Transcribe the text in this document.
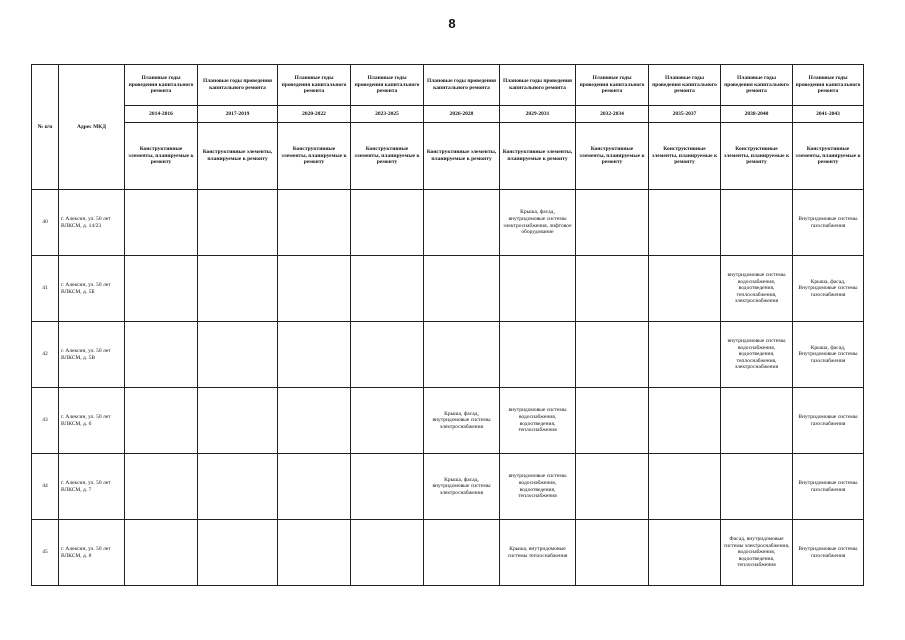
8
№ п/п	Адрес МКД	Плановые годы проведения капитального ремонта	Плановые годы проведения капитального ремонта	Плановые годы проведения капитального ремонта	Плановые годы проведения капитального ремонта	Плановые годы проведения капитального ремонта	Плановые годы проведения капитального ремонта	Плановые годы проведения капитального ремонта	Плановые годы проведения капитального ремонта	Плановые годы проведения капитального ремонта	Плановые годы проведения капитального ремонта
		2014-2016	2017-2019	2020-2022	2023-2025	2026-2028	2029-2031	2032-2034	2035-2037	2038-2040	2041-2043
		Конструктивные элементы, планируемые к ремонту	Конструктивные элементы, планируемые к ремонту	Конструктивные элементы, планируемые к ремонту	Конструктивные элементы, планируемые к ремонту	Конструктивные элементы, планируемые к ремонту	Конструктивные элементы, планируемые к ремонту	Конструктивные элементы, планируемые к ремонту	Конструктивные элементы, планируемые к ремонту	Конструктивные элементы, планируемые к ремонту	Конструктивные элементы, планируемые к ремонту
40	г. Алексин, ул. 50 лет ВЛКСМ, д. 14/23						Крыша, фасад, внутридомовые системы электроснабжения, лифтовое оборудование				Внутридомовые системы газоснабжения
41	г. Алексин, ул. 50 лет ВЛКСМ, д. 5Б									внутридомовые системы водоснабжения, водоотведения, теплоснабжения, электроснабжения	Крыша, фасад, Внутридомовые системы газоснабжения
42	г. Алексин, ул. 50 лет ВЛКСМ, д. 5В									внутридомовые системы водоснабжения, водоотведения, теплоснабжения, электроснабжения	Крыша, фасад, Внутридомовые системы газоснабжения
43	г. Алексин, ул. 50 лет ВЛКСМ, д. 6					Крыша, фасад, внутридомовые системы электроснабжения	внутридомовые системы водоснабжения, водоотведения, теплоснабжения				Внутридомовые системы газоснабжения
44	г. Алексин, ул. 50 лет ВЛКСМ, д. 7					Крыша, фасад, внутридомовые системы электроснабжения	внутридомовые системы водоснабжения, водоотведения, теплоснабжения				Внутридомовые системы газоснабжения
45	г. Алексин, ул. 50 лет ВЛКСМ, д. 8						Крыша, внутридомовые системы теплоснабжения			Фасад, внутридомовые системы электроснабжения, водоснабжения, водоотведения, теплоснабжения	Внутридомовые системы газоснабжения
